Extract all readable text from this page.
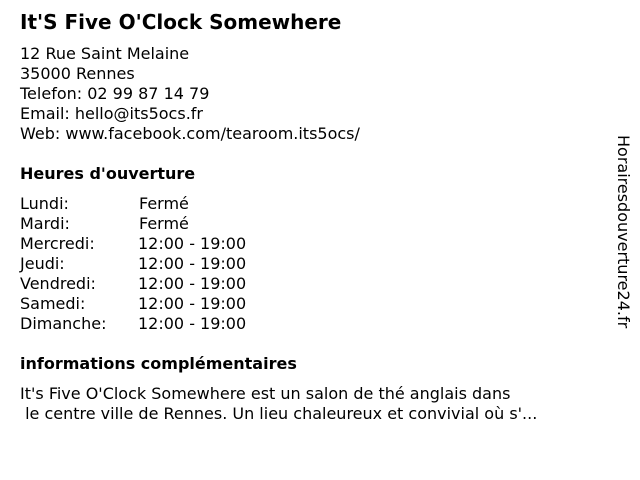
It'S Five O'Clock Somewhere
12 Rue Saint Melaine
35000 Rennes
Telefon: 02 99 87 14 79
Email: hello@its5ocs.fr
Web: www.facebook.com/tearoom.its5ocs/
Heures d'ouverture
Lundi:	Fermé
Mardi:	Fermé
Mercredi:	12:00 - 19:00
Jeudi:	12:00 - 19:00
Vendredi:	12:00 - 19:00
Samedi:	12:00 - 19:00
Dimanche: 12:00 - 19:00
informations complémentaires
It's Five O'Clock Somewhere est un salon de thé anglais dans
le centre ville de Rennes. Un lieu chaleureux et convivial où s'...
Horairesdouverture24.fr
